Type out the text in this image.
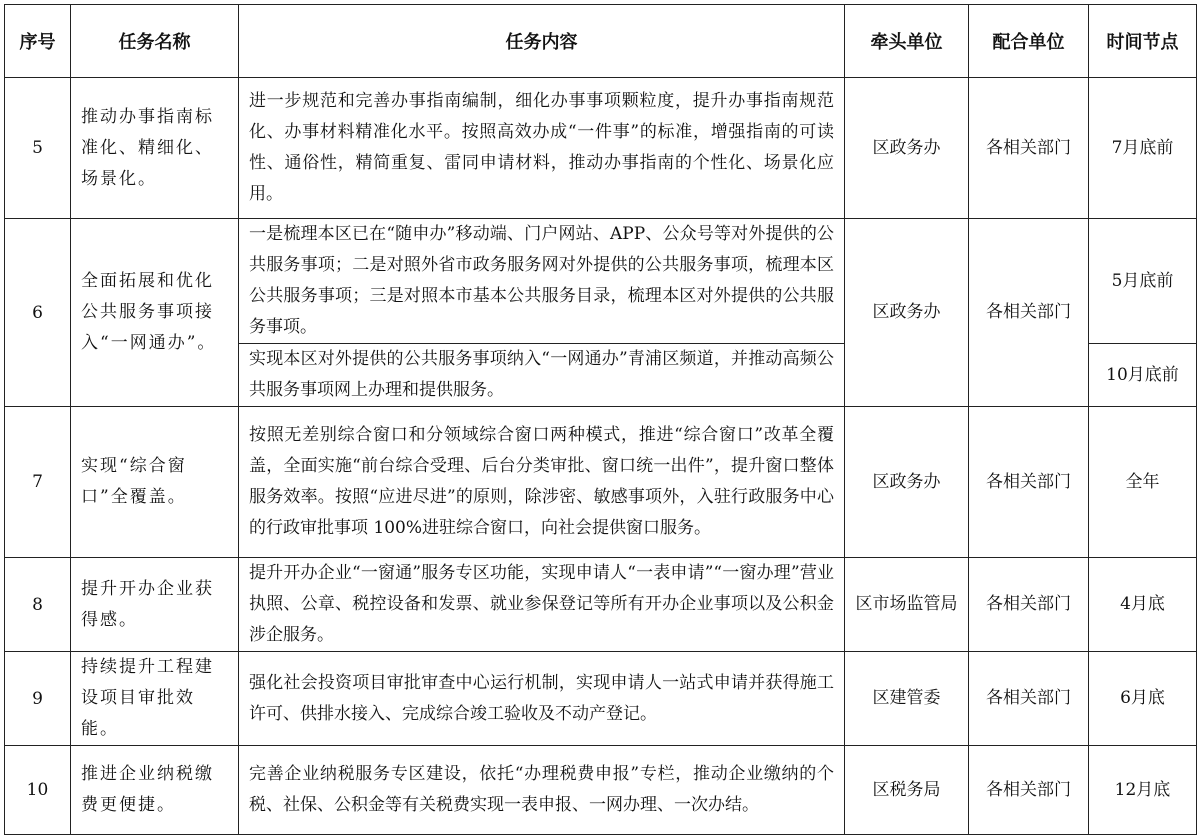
序号	任务名称	任务内容	牵头单位	配合单位	时间节点
5	推动办事指南标准化、精细化、场景化。	进一步规范和完善办事指南编制，细化办事事项颗粒度，提升办事指南规范化、办事材料精准化水平。按照高效办成“一件事”的标准，增强指南的可读性、通俗性，精简重复、雷同申请材料，推动办事指南的个性化、场景化应用。	区政务办	各相关部门	7月底前
6	全面拓展和优化公共服务事项接入“一网通办”。	一是梳理本区已在“随申办”移动端、门户网站、APP、公众号等对外提供的公共服务事项；二是对照外省市政务服务网对外提供的公共服务事项，梳理本区公共服务事项；三是对照本市基本公共服务目录，梳理本区对外提供的公共服务事项。	区政务办	各相关部门	5月底前
		实现本区对外提供的公共服务事项纳入“一网通办”青浦区频道，并推动高频公共服务事项网上办理和提供服务。			10月底前
7	实现“综合窗口”全覆盖。	按照无差别综合窗口和分领域综合窗口两种模式，推进“综合窗口”改革全覆盖，全面实施“前台综合受理、后台分类审批、窗口统一出件”，提升窗口整体服务效率。按照“应进尽进”的原则，除涉密、敏感事项外，入驻行政服务中心的行政审批事项 100%进驻综合窗口，向社会提供窗口服务。	区政务办	各相关部门	全年
8	提升开办企业获得感。	提升开办企业“一窗通”服务专区功能，实现申请人“一表申请”“一窗办理”营业执照、公章、税控设备和发票、就业参保登记等所有开办企业事项以及公积金涉企服务。	区市场监管局	各相关部门	4月底
9	持续提升工程建设项目审批效能。	强化社会投资项目审批审查中心运行机制，实现申请人一站式申请并获得施工许可、供排水接入、完成综合竣工验收及不动产登记。	区建管委	各相关部门	6月底
10	推进企业纳税缴费更便捷。	完善企业纳税服务专区建设，依托“办理税费申报”专栏，推动企业缴纳的个税、社保、公积金等有关税费实现一表申报、一网办理、一次办结。	区税务局	各相关部门	12月底
